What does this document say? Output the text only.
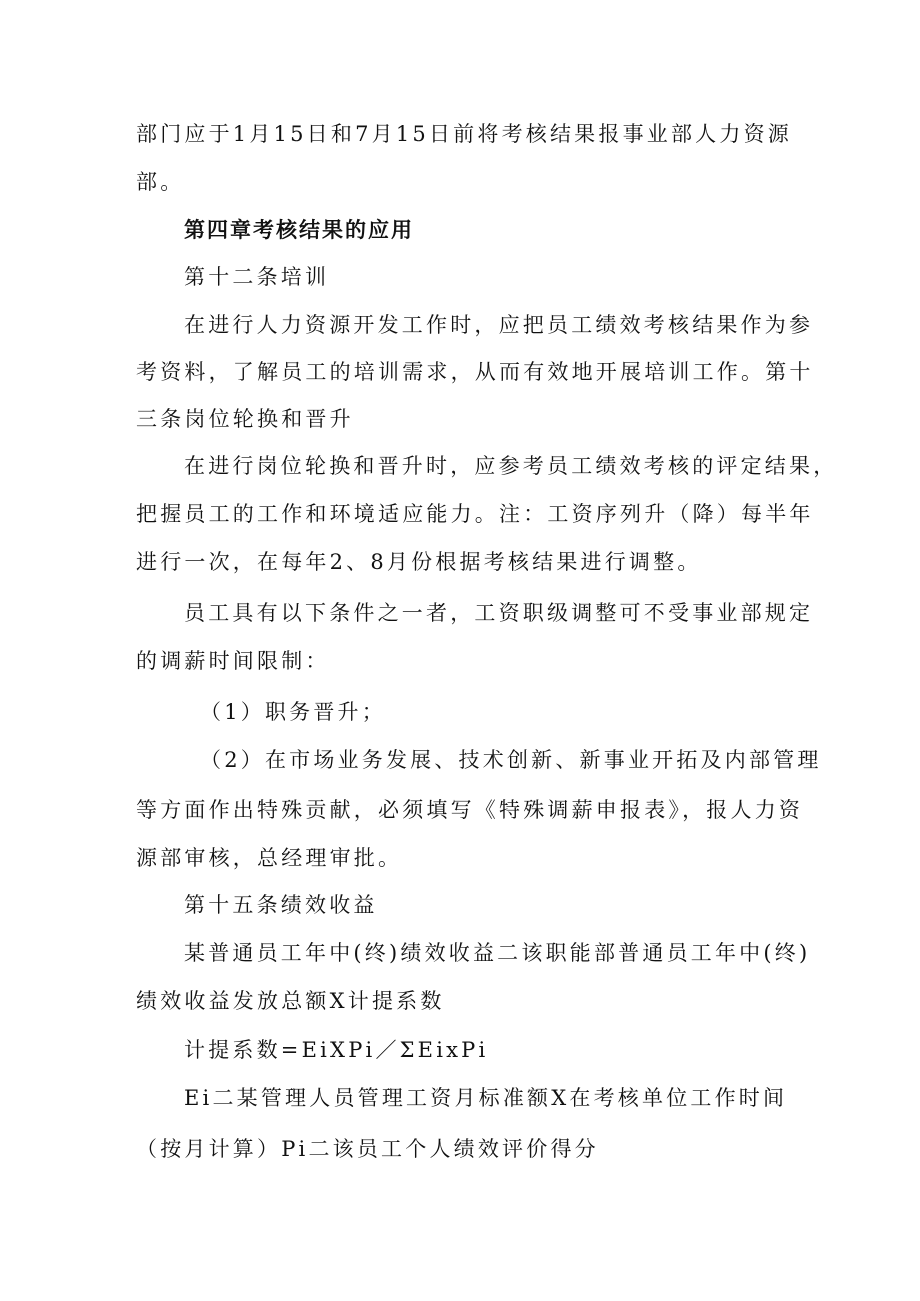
部门应于1月15日和7月15日前将考核结果报事业部人力资源
部。
第四章考核结果的应用
第十二条培训
在进行人力资源开发工作时，应把员工绩效考核结果作为参
考资料，了解员工的培训需求，从而有效地开展培训工作。第十
三条岗位轮换和晋升
在进行岗位轮换和晋升时，应参考员工绩效考核的评定结果，
把握员工的工作和环境适应能力。注：工资序列升（降）每半年
进行一次，在每年2、8月份根据考核结果进行调整。
员工具有以下条件之一者，工资职级调整可不受事业部规定
的调薪时间限制：
（1）职务晋升；
（2）在市场业务发展、技术创新、新事业开拓及内部管理
等方面作出特殊贡献，必须填写《特殊调薪申报表》，报人力资
源部审核，总经理审批。
第十五条绩效收益
某普通员工年中(终)绩效收益二该职能部普通员工年中(终)
绩效收益发放总额X计提系数
计提系数=EiXPi／ΣEixPi
Ei二某管理人员管理工资月标准额X在考核单位工作时间
（按月计算）Pi二该员工个人绩效评价得分
